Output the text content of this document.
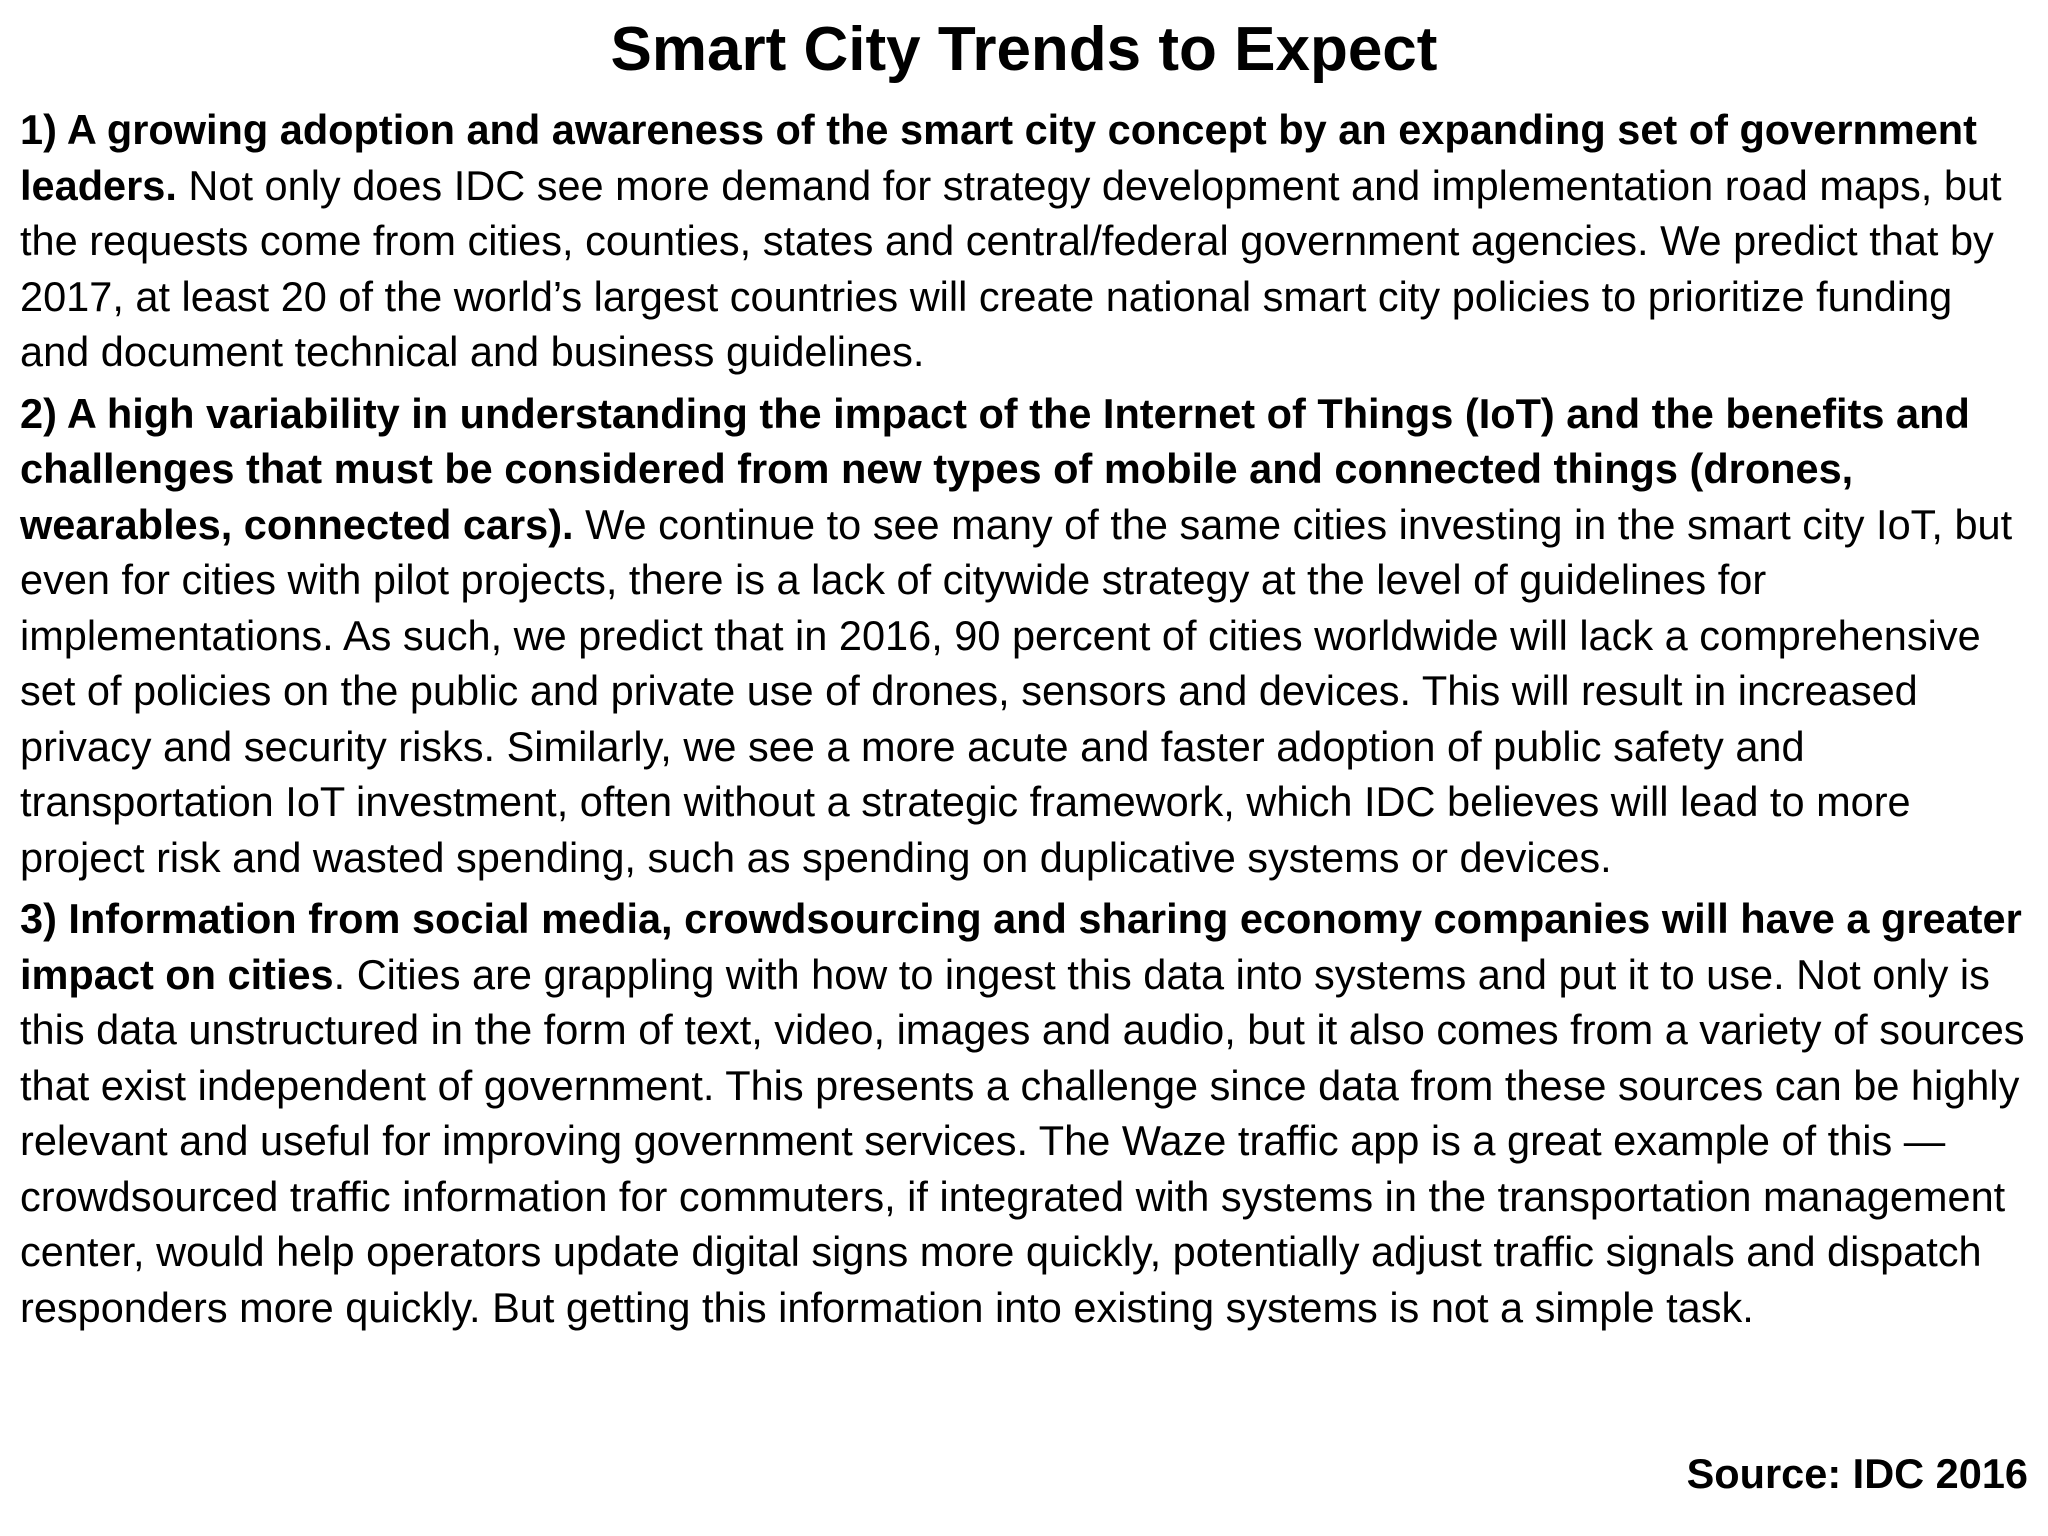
Smart City Trends to Expect

1) A growing adoption and awareness of the smart city concept by an expanding set of government leaders. Not only does IDC see more demand for strategy development and implementation road maps, but the requests come from cities, counties, states and central/federal government agencies. We predict that by 2017, at least 20 of the world’s largest countries will create national smart city policies to prioritize funding and document technical and business guidelines.

2) A high variability in understanding the impact of the Internet of Things (IoT) and the benefits and challenges that must be considered from new types of mobile and connected things (drones, wearables, connected cars). We continue to see many of the same cities investing in the smart city IoT, but even for cities with pilot projects, there is a lack of citywide strategy at the level of guidelines for implementations. As such, we predict that in 2016, 90 percent of cities worldwide will lack a comprehensive set of policies on the public and private use of drones, sensors and devices. This will result in increased privacy and security risks. Similarly, we see a more acute and faster adoption of public safety and transportation IoT investment, often without a strategic framework, which IDC believes will lead to more project risk and wasted spending, such as spending on duplicative systems or devices.

3) Information from social media, crowdsourcing and sharing economy companies will have a greater impact on cities. Cities are grappling with how to ingest this data into systems and put it to use. Not only is this data unstructured in the form of text, video, images and audio, but it also comes from a variety of sources that exist independent of government. This presents a challenge since data from these sources can be highly relevant and useful for improving government services. The Waze traffic app is a great example of this — crowdsourced traffic information for commuters, if integrated with systems in the transportation management center, would help operators update digital signs more quickly, potentially adjust traffic signals and dispatch responders more quickly. But getting this information into existing systems is not a simple task.

Source: IDC 2016
